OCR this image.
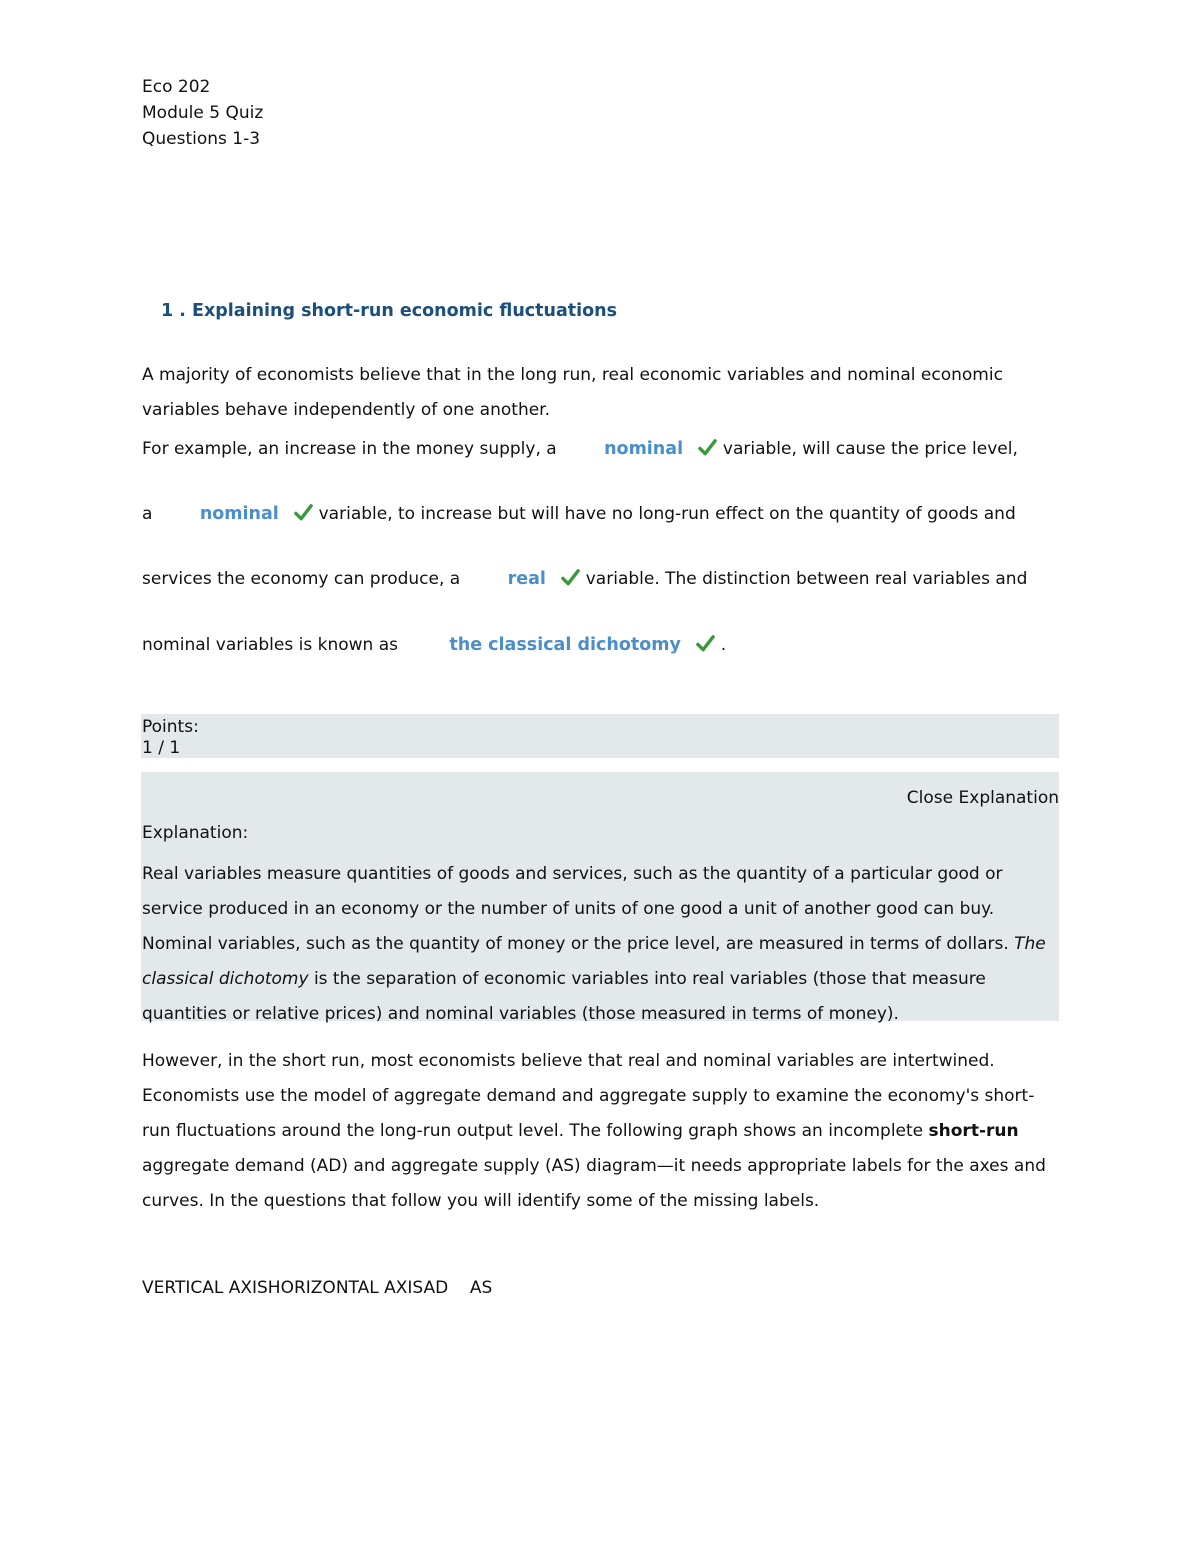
Eco 202
Module 5 Quiz
Questions 1-3
1 . Explaining short-run economic fluctuations
A majority of economists believe that in the long run, real economic variables and nominal economic
variables behave independently of one another.
For example, an increase in the money supply, a	nominal variable, will cause the price level,
a	nominal variable, to increase but will have no long-run effect on the quantity of goods and
services the economy can produce, a	real variable. The distinction between real variables and
nominal variables is known as	the classical dichotomy .
Points:
1 / 1
Close Explanation
Explanation:
Real variables measure quantities of goods and services, such as the quantity of a particular good or service produced in an economy or the number of units of one good a unit of another good can buy. Nominal variables, such as the quantity of money or the price level, are measured in terms of dollars. The classical dichotomy is the separation of economic variables into real variables (those that measure quantities or relative prices) and nominal variables (those measured in terms of money).
However, in the short run, most economists believe that real and nominal variables are intertwined. Economists use the model of aggregate demand and aggregate supply to examine the economy's short-run fluctuations around the long-run output level. The following graph shows an incomplete short-run aggregate demand (AD) and aggregate supply (AS) diagram—it needs appropriate labels for the axes and curves. In the questions that follow you will identify some of the missing labels.
VERTICAL AXISHORIZONTAL AXISAD    AS
